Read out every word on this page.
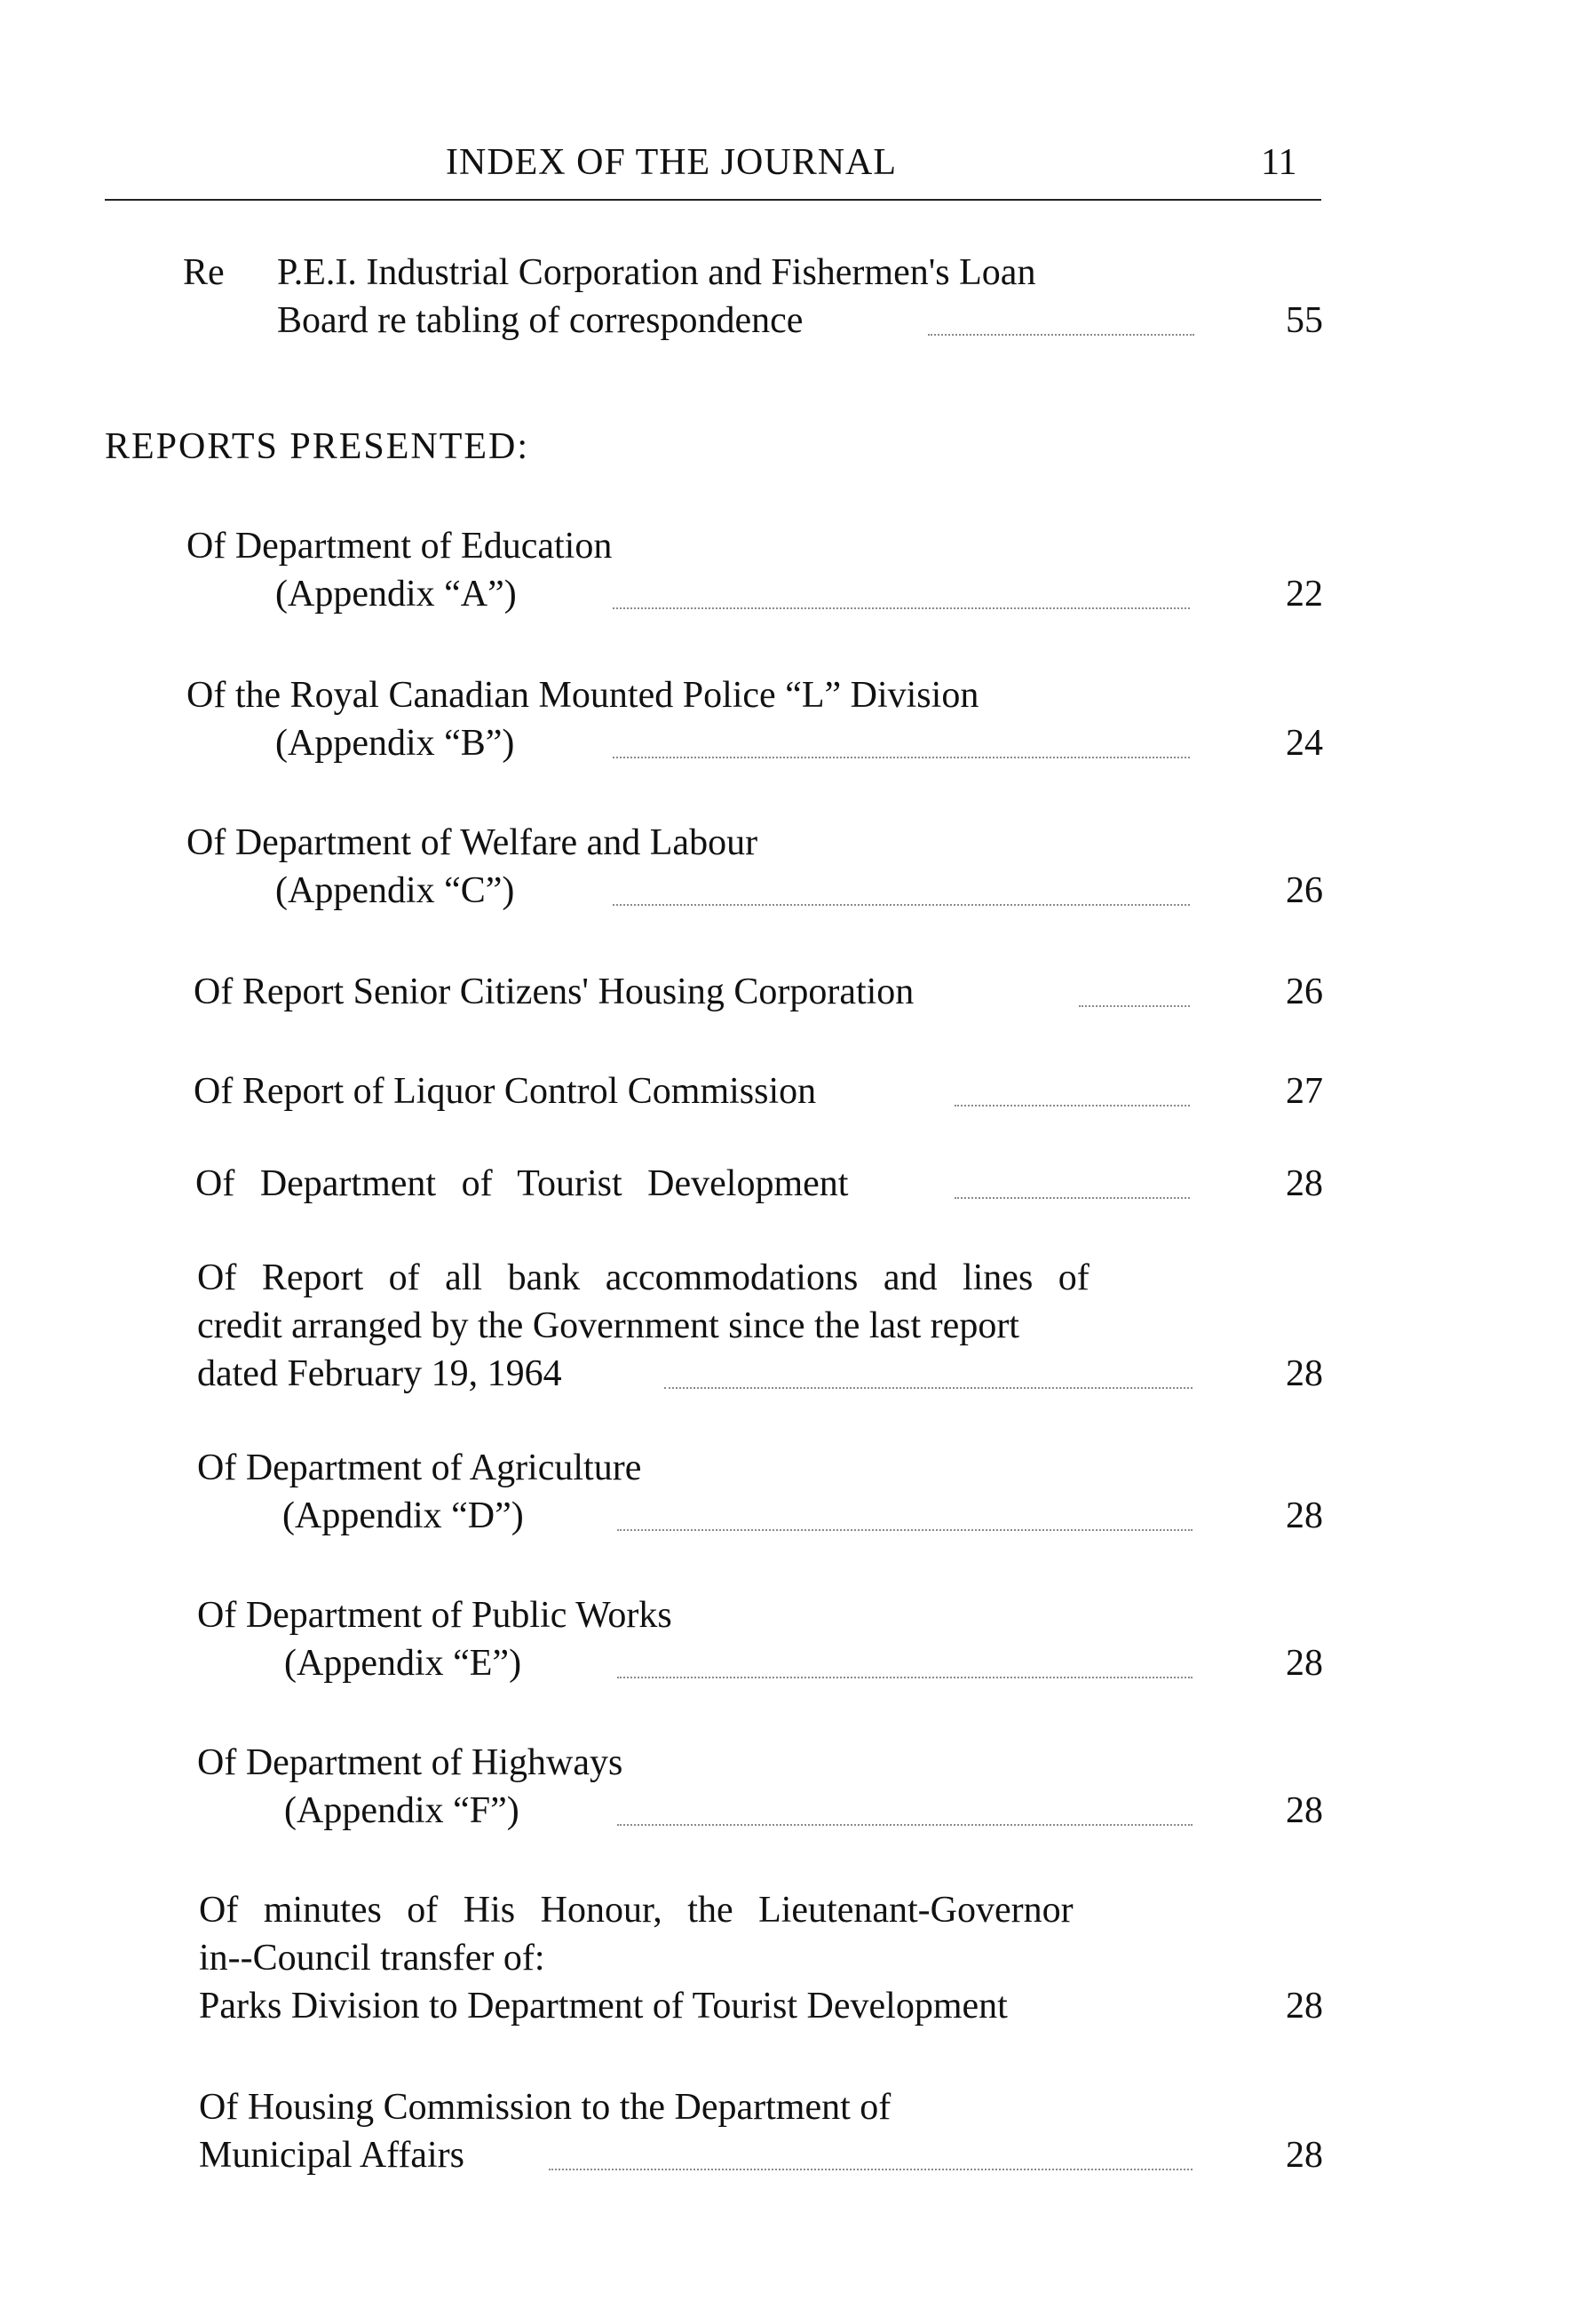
INDEX OF THE JOURNAL	11
Re P.E.I. Industrial Corporation and Fishermen's Loan
Board re tabling of correspondence	55
REPORTS PRESENTED:
Of Department of Education
(Appendix “A”)	22
Of the Royal Canadian Mounted Police “L” Division
(Appendix “B”)	24
Of Department of Welfare and Labour
(Appendix “C”)	26
Of Report Senior Citizens' Housing Corporation	26
Of Report of Liquor Control Commission	27
Of Department of Tourist Development	28
Of Report of all bank accommodations and lines of
credit arranged by the Government since the last report
dated February 19, 1964	28
Of Department of Agriculture
(Appendix “D”)	28
Of Department of Public Works
(Appendix “E”)	28
Of Department of Highways
(Appendix “F”)	28
Of minutes of His Honour, the Lieutenant-Governor
in--Council transfer of:
Parks Division to Department of Tourist Development	28
Of Housing Commission to the Department of
Municipal Affairs	28
